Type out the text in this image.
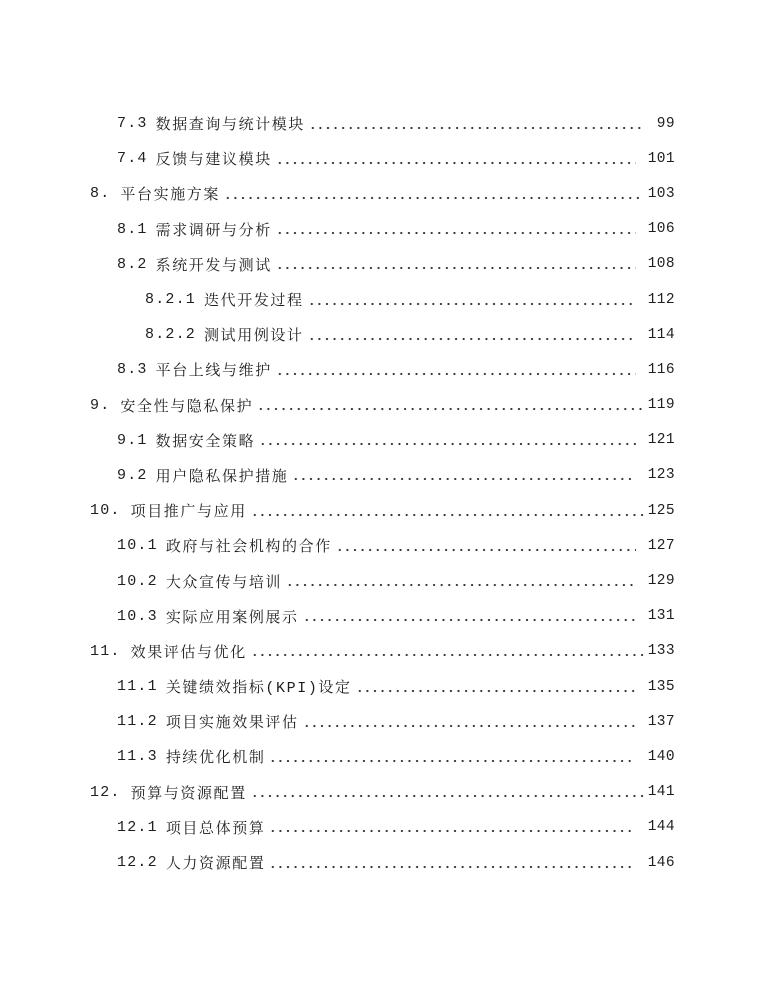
7.3 数据查询与统计模块	99
7.4 反馈与建议模块	101
8. 平台实施方案	103
8.1 需求调研与分析	106
8.2 系统开发与测试	108
8.2.1 迭代开发过程	112
8.2.2 测试用例设计	114
8.3 平台上线与维护	116
9. 安全性与隐私保护	119
9.1 数据安全策略	121
9.2 用户隐私保护措施	123
10. 项目推广与应用	125
10.1 政府与社会机构的合作	127
10.2 大众宣传与培训	129
10.3 实际应用案例展示	131
11. 效果评估与优化	133
11.1 关键绩效指标(KPI)设定	135
11.2 项目实施效果评估	137
11.3 持续优化机制	140
12. 预算与资源配置	141
12.1 项目总体预算	144
12.2 人力资源配置	146
